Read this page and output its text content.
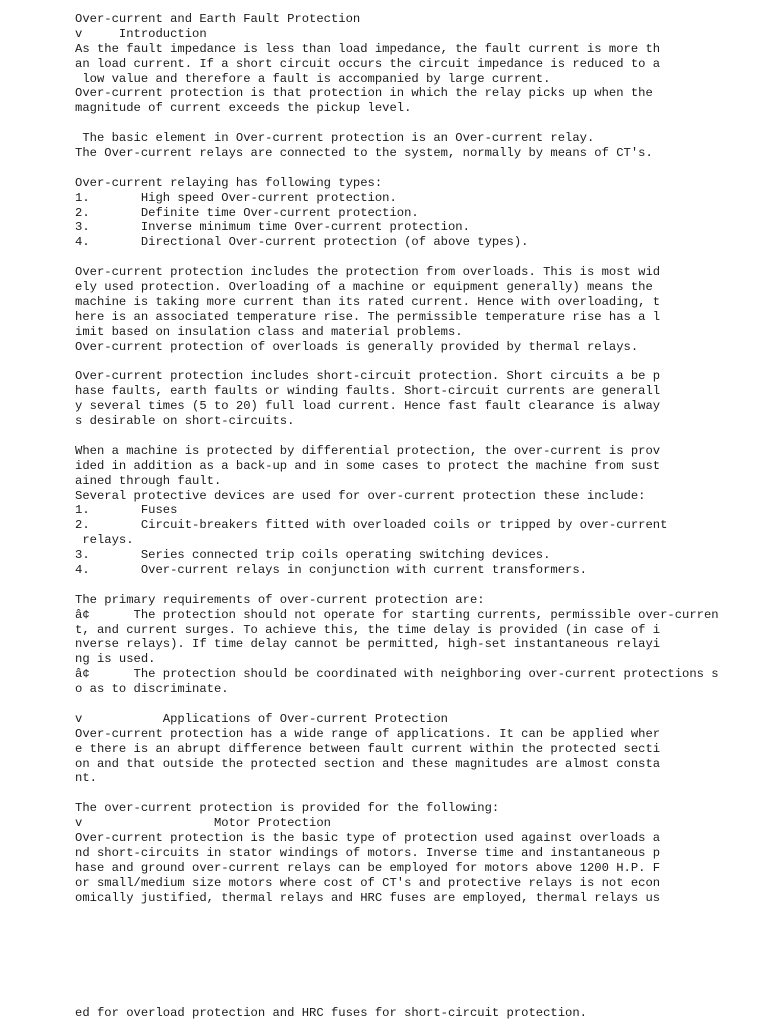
Over-current and Earth Fault Protection
v     Introduction
As the fault impedance is less than load impedance, the fault current is more th
an load current. If a short circuit occurs the circuit impedance is reduced to a
low value and therefore a fault is accompanied by large current.
Over-current protection is that protection in which the relay picks up when the
magnitude of current exceeds the pickup level.
The basic element in Over-current protection is an Over-current relay.
The Over-current relays are connected to the system, normally by means of CT's.
Over-current relaying has following types:
1.       High speed Over-current protection.
2.       Definite time Over-current protection.
3.       Inverse minimum time Over-current protection.
4.       Directional Over-current protection (of above types).
Over-current protection includes the protection from overloads. This is most wid
ely used protection. Overloading of a machine or equipment generally) means the
machine is taking more current than its rated current. Hence with overloading, t
here is an associated temperature rise. The permissible temperature rise has a l
imit based on insulation class and material problems.
Over-current protection of overloads is generally provided by thermal relays.
Over-current protection includes short-circuit protection. Short circuits a be p
hase faults, earth faults or winding faults. Short-circuit currents are generall
y several times (5 to 20) full load current. Hence fast fault clearance is alway
s desirable on short-circuits.
When a machine is protected by differential protection, the over-current is prov
ided in addition as a back-up and in some cases to protect the machine from sust
ained through fault.
Several protective devices are used for over-current protection these include:
1.       Fuses
2.       Circuit-breakers fitted with overloaded coils or tripped by over-current
relays.
3.       Series connected trip coils operating switching devices.
4.       Over-current relays in conjunction with current transformers.
The primary requirements of over-current protection are:
â¢      The protection should not operate for starting currents, permissible over-curren
t, and current surges. To achieve this, the time delay is provided (in case of i
nverse relays). If time delay cannot be permitted, high-set instantaneous relayi
ng is used.
â¢      The protection should be coordinated with neighboring over-current protections s
o as to discriminate.
v           Applications of Over-current Protection
Over-current protection has a wide range of applications. It can be applied wher
e there is an abrupt difference between fault current within the protected secti
on and that outside the protected section and these magnitudes are almost consta
nt.
The over-current protection is provided for the following:
v                  Motor Protection
Over-current protection is the basic type of protection used against overloads a
nd short-circuits in stator windings of motors. Inverse time and instantaneous p
hase and ground over-current relays can be employed for motors above 1200 H.P. F
or small/medium size motors where cost of CT's and protective relays is not econ
omically justified, thermal relays and HRC fuses are employed, thermal relays us
ed for overload protection and HRC fuses for short-circuit protection.
